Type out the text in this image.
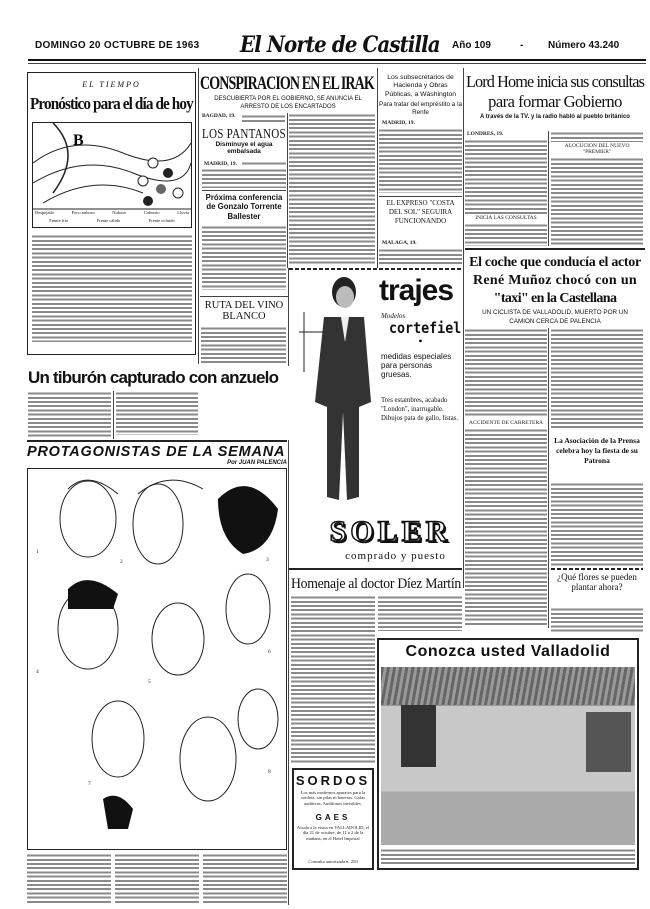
DOMINGO 20 OCTUBRE DE 1963 El Norte de Castilla Año 109	- Número 43.240
EL TIEMPO
Pronóstico para el día de hoy
B
Despejado	Poco nuboso	Nuboso	Cubierto	Lluvia
Frente frío	Frente cálido	Frente ocluido
Un tiburón capturado con anzuelo
CONSPIRACION EN EL IRAK
DESCUBIERTA POR EL GOBIERNO, SE ANUNCIA EL ARRESTO DE LOS ENCARTADOS
BAGDAD, 19.
LOS PANTANOS
Disminuye el agua embalsada
MADRID, 19.
Próxima conferencia de Gonzalo Torrente Ballester
RUTA DEL VINO BLANCO
Los subsecretarios de Hacienda y Obras Públicas, a Wáshington
Para tratar del empréstito a la Renfe
MADRID, 19.
EL EXPRESO "COSTA DEL SOL" SEGUIRA FUNCIONANDO
MALAGA, 19.
Lord Home inicia sus consultas
para formar Gobierno
A través de la TV. y la radio habló al pueblo británico
LONDRES, 19.
INICIA LAS CONSULTAS
ALOCUCION DEL NUEVO "PREMIER"
El coche que conducía el actor
René Muñoz chocó con un
"taxi" en la Castellana
UN CICLISTA DE VALLADOLID, MUERTO POR UN CAMION CERCA DE PALENCIA
ACCIDENTE DE CARRETERA
La Asociación de la Prensa celebra hoy la fiesta de su Patrona
¿Qué flores se pueden plantar ahora?
trajes
Modelos
cortefiel
•
medidas especiales para personas gruesas.
Tres estambres, acabado "London", inarrugable. Dibujos pata de gallo, listas.
SOLER
comprado y puesto
PROTAGONISTAS DE LA SEMANA
Por JUAN PALENCIA
1
2	3
4
5
6
7
8
Homenaje al doctor Díez Martín
SORDOS
Los más modernos aparatos para la sordera, sin pilas ni baterías. Gafas auditivas. Audífonos invisibles.
GAES
Acuda a la visita en VALLADOLID, el día 21 de octubre, de 11 a 2 de la mañana, en el Hotel Imperial
Consulta autorizada n. 250
Conozca usted Valladolid
